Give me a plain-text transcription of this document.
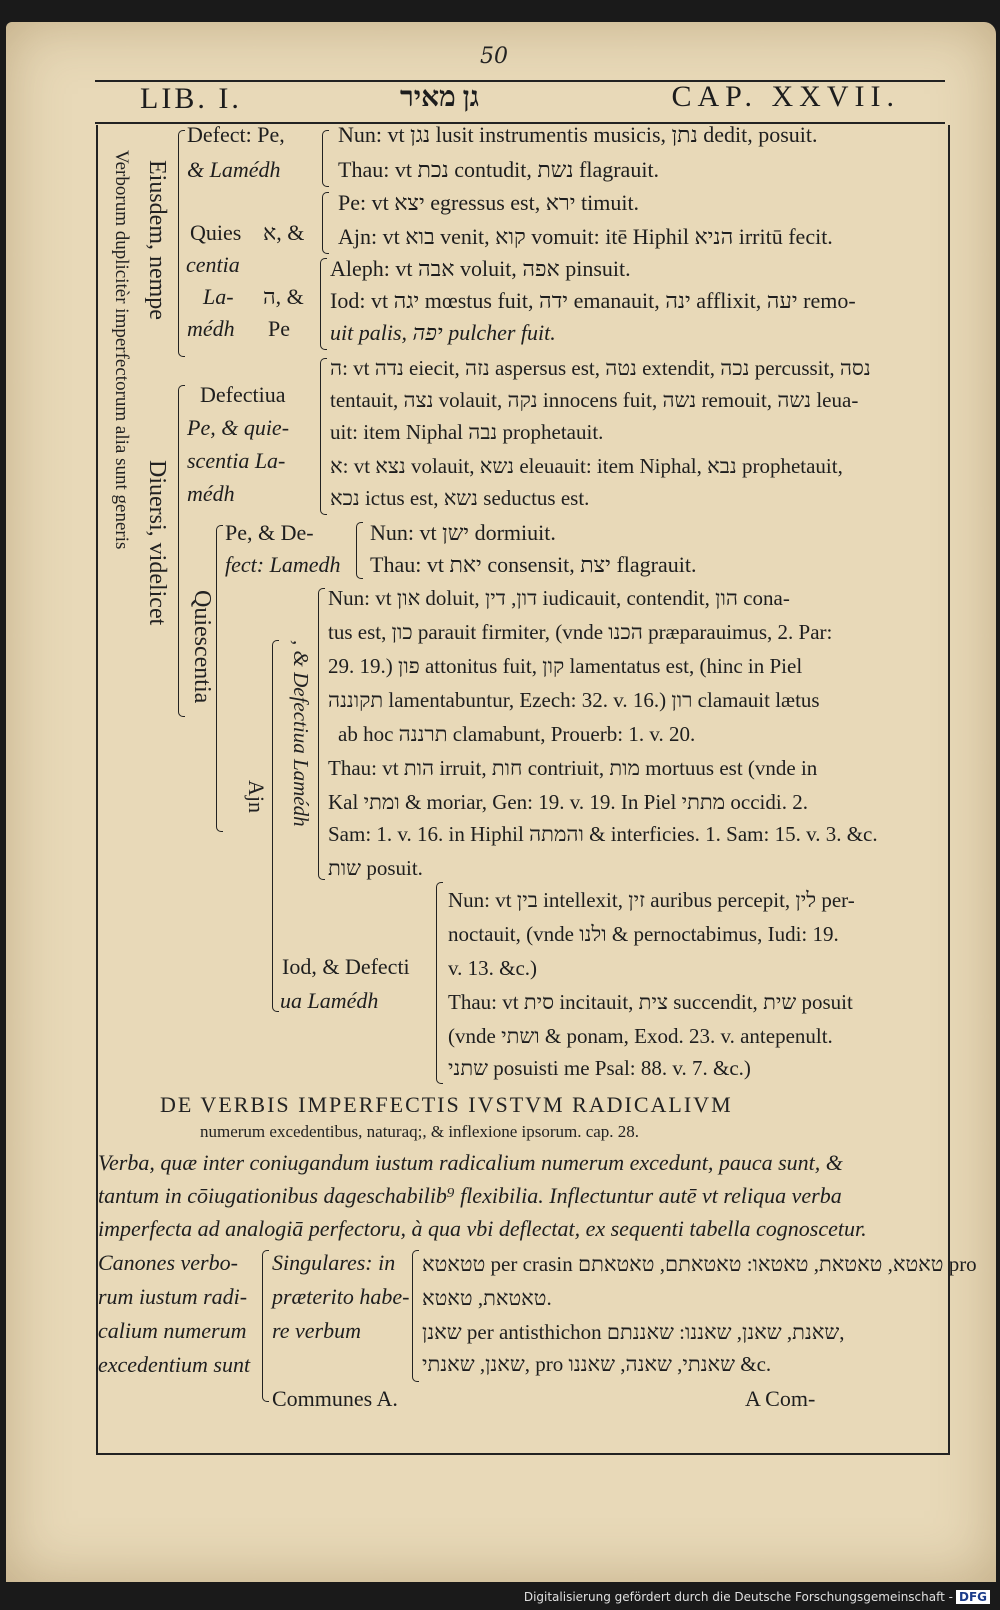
50
LIB. I.	גן מאיר	CAP. XXVII.
Verborum duplicitèr imperfectorum alia sunt generis Eiusdem, nempe
Diuersi, videlicet
Quiescentia
Ajn , & Defectiua Lamédh
Defect: Pe,
& Lamédh
Nun: vt נגן lusit instrumentis musicis, נתן dedit, posuit.
Thau: vt נכת contudit, נשת flagrauit.
Pe: vt יצא egressus est, ירא timuit.
Ajn: vt בוא venit, קוא vomuit: itē Hiphil הניא irritū fecit.
Quies
centia
La-
médh
א, &
ה, &
Pe
Aleph: vt אבה voluit, אפה pinsuit.
Iod: vt יגה mœstus fuit, ידה emanauit, ינה afflixit, יעה remo-
uit palis, יפה pulcher fuit.
Defectiua
Pe, & quie-
scentia La-
médh
ה: vt נדה eiecit, נזה aspersus est, נטה extendit, נכה percussit, נסה
tentauit, נצה volauit, נקה innocens fuit, נשה remouit, נשה leua-
uit: item Niphal נבה prophetauit.
א: vt נצא volauit, נשא eleuauit: item Niphal, נבא prophetauit,
נכא ictus est, נשא seductus est.
Pe, & De-
fect: Lamedh
Nun: vt ישן dormiuit.
Thau: vt יאת consensit, יצת flagrauit.
Nun: vt און doluit, דון, דין iudicauit, contendit, הון cona-
tus est, כון parauit firmiter, (vnde הכנו præparauimus, 2. Par:
29. 19.) פון attonitus fuit, קון lamentatus est, (hinc in Piel
תקוננה lamentabuntur, Ezech: 32. v. 16.) רון clamauit lætus
ab hoc תרננה clamabunt, Prouerb: 1. v. 20.
Thau: vt הות irruit, חות contriuit, מות mortuus est (vnde in
Kal ומתי & moriar, Gen: 19. v. 19. In Piel מתתי occidi. 2.
Sam: 1. v. 16. in Hiphil והמתה & interficies. 1. Sam: 15. v. 3. &c.
שות posuit.
Iod, & Defecti
ua Lamédh
Nun: vt בין intellexit, זין auribus percepit, לין per-
noctauit, (vnde ולנו & pernoctabimus, Iudi: 19.
v. 13. &c.)
Thau: vt סית incitauit, צית succendit, שית posuit
(vnde ושתי & ponam, Exod. 23. v. antepenult.
שתני posuisti me Psal: 88. v. 7. &c.)
DE VERBIS IMPERFECTIS IVSTVM RADICALIVM
numerum excedentibus, naturaq;, & inflexione ipsorum. cap. 28.
Verba, quæ inter coniugandum iustum radicalium numerum excedunt, pauca sunt, &
tantum in cōiugationibus dageschabilib⁹ flexibilia. Inflectuntur autē vt reliqua verba
imperfecta ad analogiā perfectoru, à qua vbi deflectat, ex sequenti tabella cognoscetur.
Canones verbo-
rum iustum radi-
calium numerum
excedentium sunt
Singulares: in
præterito habe-
re verbum
טטאטא per crasin טאטא, טאטאת, טאטאו: טאטאתם, טאטאתם pro
טאטאת, טאטא.
שאנן per antisthichon שאנת, שאנן, שאננו: שאננתם,
שאנן, שאנתי, pro שאנתי, שאנה, שאננו &c.
Communes A.	A Com-
Digitalisierung gefördert durch die Deutsche Forschungsgemeinschaft - DFG
